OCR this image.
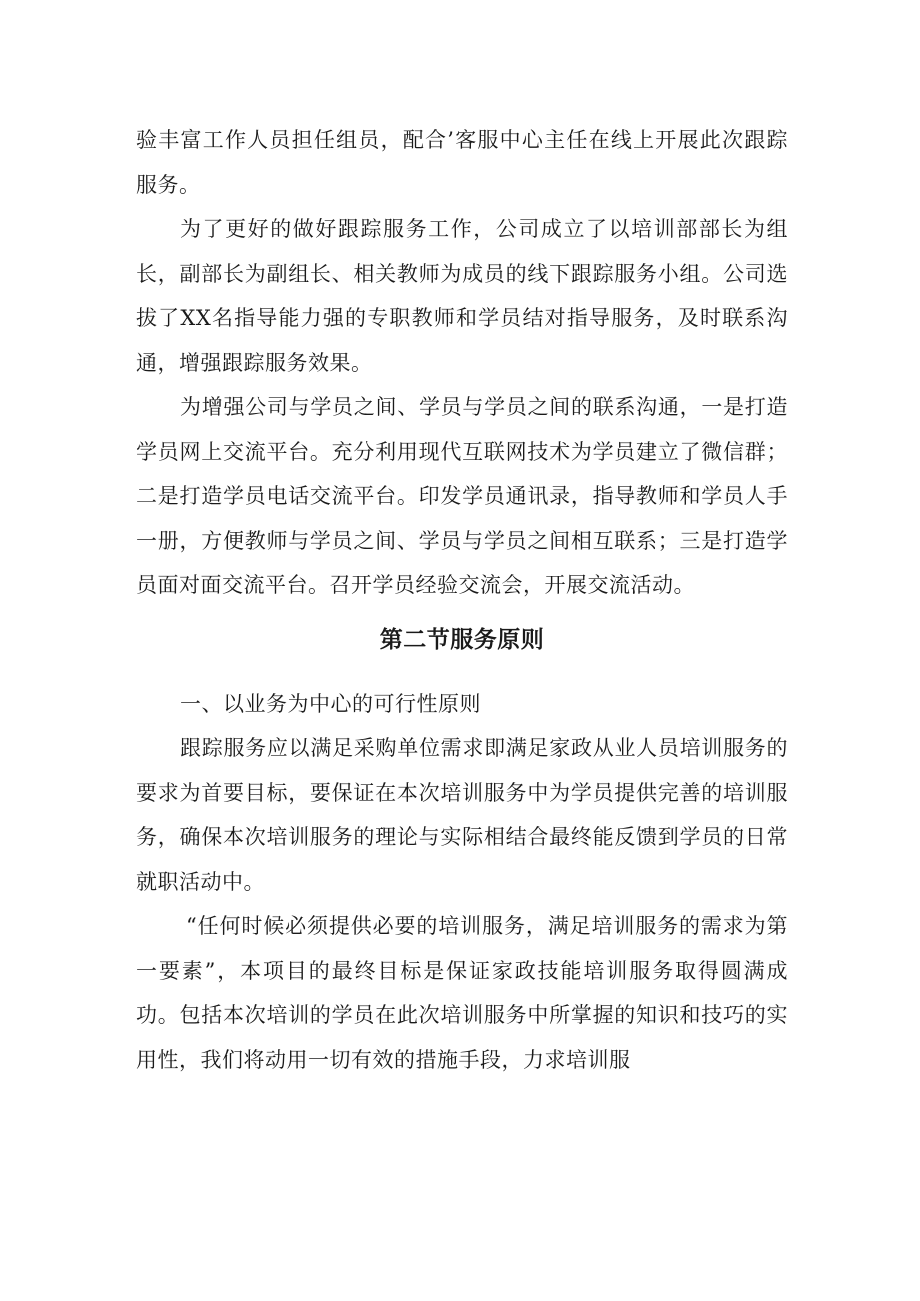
验丰富工作人员担任组员，配合’客服中心主任在线上开展此次跟踪服务。

为了更好的做好跟踪服务工作，公司成立了以培训部部长为组长，副部长为副组长、相关教师为成员的线下跟踪服务小组。公司选拔了XX名指导能力强的专职教师和学员结对指导服务，及时联系沟通，增强跟踪服务效果。

为增强公司与学员之间、学员与学员之间的联系沟通，一是打造学员网上交流平台。充分利用现代互联网技术为学员建立了微信群；二是打造学员电话交流平台。印发学员通讯录，指导教师和学员人手一册，方便教师与学员之间、学员与学员之间相互联系；三是打造学员面对面交流平台。召开学员经验交流会，开展交流活动。

第二节服务原则

一、以业务为中心的可行性原则

跟踪服务应以满足采购单位需求即满足家政从业人员培训服务的要求为首要目标，要保证在本次培训服务中为学员提供完善的培训服务，确保本次培训服务的理论与实际相结合最终能反馈到学员的日常就职活动中。

“任何时候必须提供必要的培训服务，满足培训服务的需求为第一要素”，本项目的最终目标是保证家政技能培训服务取得圆满成功。包括本次培训的学员在此次培训服务中所掌握的知识和技巧的实用性，我们将动用一切有效的措施手段，力求培训服
